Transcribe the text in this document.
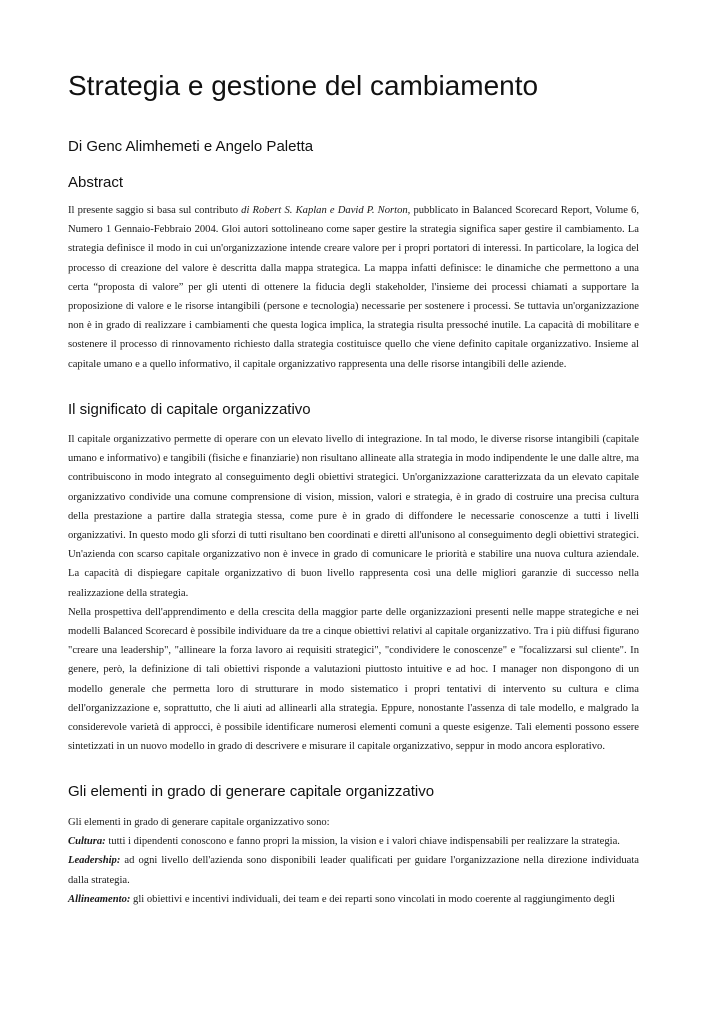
Strategia e gestione del cambiamento
Di Genc Alimhemeti e Angelo Paletta
Abstract

Il presente saggio si basa sul contributo di Robert S. Kaplan e David P. Norton, pubblicato in Balanced Scorecard Report, Volume 6, Numero 1 Gennaio-Febbraio 2004. Gloi autori sottolineano come saper gestire la strategia significa saper gestire il cambiamento. La strategia definisce il modo in cui un'organizzazione intende creare valore per i propri portatori di interessi. In particolare, la logica del processo di creazione del valore è descritta dalla mappa strategica. La mappa infatti definisce: le dinamiche che permettono a una certa “proposta di valore” per gli utenti di ottenere la fiducia degli stakeholder, l'insieme dei processi chiamati a supportare la proposizione di valore e le risorse intangibili (persone e tecnologia) necessarie per sostenere i processi. Se tuttavia un'organizzazione non è in grado di realizzare i cambiamenti che questa logica implica, la strategia risulta pressoché inutile. La capacità di mobilitare e sostenere il processo di rinnovamento richiesto dalla strategia costituisce quello che viene definito capitale organizzativo. Insieme al capitale umano e a quello informativo, il capitale organizzativo rappresenta una delle risorse intangibili delle aziende.

Il significato di capitale organizzativo

Il capitale organizzativo permette di operare con un elevato livello di integrazione. In tal modo, le diverse risorse intangibili (capitale umano e informativo) e tangibili (fisiche e finanziarie) non risultano allineate alla strategia in modo indipendente le une dalle altre, ma contribuiscono in modo integrato al conseguimento degli obiettivi strategici. Un'organizzazione caratterizzata da un elevato capitale organizzativo condivide una comune comprensione di vision, mission, valori e strategia, è in grado di costruire una precisa cultura della prestazione a partire dalla strategia stessa, come pure è in grado di diffondere le necessarie conoscenze a tutti i livelli organizzativi. In questo modo gli sforzi di tutti risultano ben coordinati e diretti all'unisono al conseguimento degli obiettivi strategici. Un'azienda con scarso capitale organizzativo non è invece in grado di comunicare le priorità e stabilire una nuova cultura aziendale. La capacità di dispiegare capitale organizzativo di buon livello rappresenta così una delle migliori garanzie di successo nella realizzazione della strategia.

Nella prospettiva dell'apprendimento e della crescita della maggior parte delle organizzazioni presenti nelle mappe strategiche e nei modelli Balanced Scorecard è possibile individuare da tre a cinque obiettivi relativi al capitale organizzativo. Tra i più diffusi figurano "creare una leadership", "allineare la forza lavoro ai requisiti strategici", "condividere le conoscenze" e "focalizzarsi sul cliente". In genere, però, la definizione di tali obiettivi risponde a valutazioni piuttosto intuitive e ad hoc. I manager non dispongono di un modello generale che permetta loro di strutturare in modo sistematico i propri tentativi di intervento su cultura e clima dell'organizzazione e, soprattutto, che li aiuti ad allinearli alla strategia. Eppure, nonostante l'assenza di tale modello, e malgrado la considerevole varietà di approcci, è possibile identificare numerosi elementi comuni a queste esigenze. Tali elementi possono essere sintetizzati in un nuovo modello in grado di descrivere e misurare il capitale organizzativo, seppur in modo ancora esplorativo.

Gli elementi in grado di generare capitale organizzativo

Gli elementi in grado di generare capitale organizzativo sono:

Cultura: tutti i dipendenti conoscono e fanno propri la mission, la vision e i valori chiave indispensabili per realizzare la strategia.

Leadership: ad ogni livello dell'azienda sono disponibili leader qualificati per guidare l'organizzazione nella direzione individuata dalla strategia.

Allineamento: gli obiettivi e incentivi individuali, dei team e dei reparti sono vincolati in modo coerente al raggiungimento degli
